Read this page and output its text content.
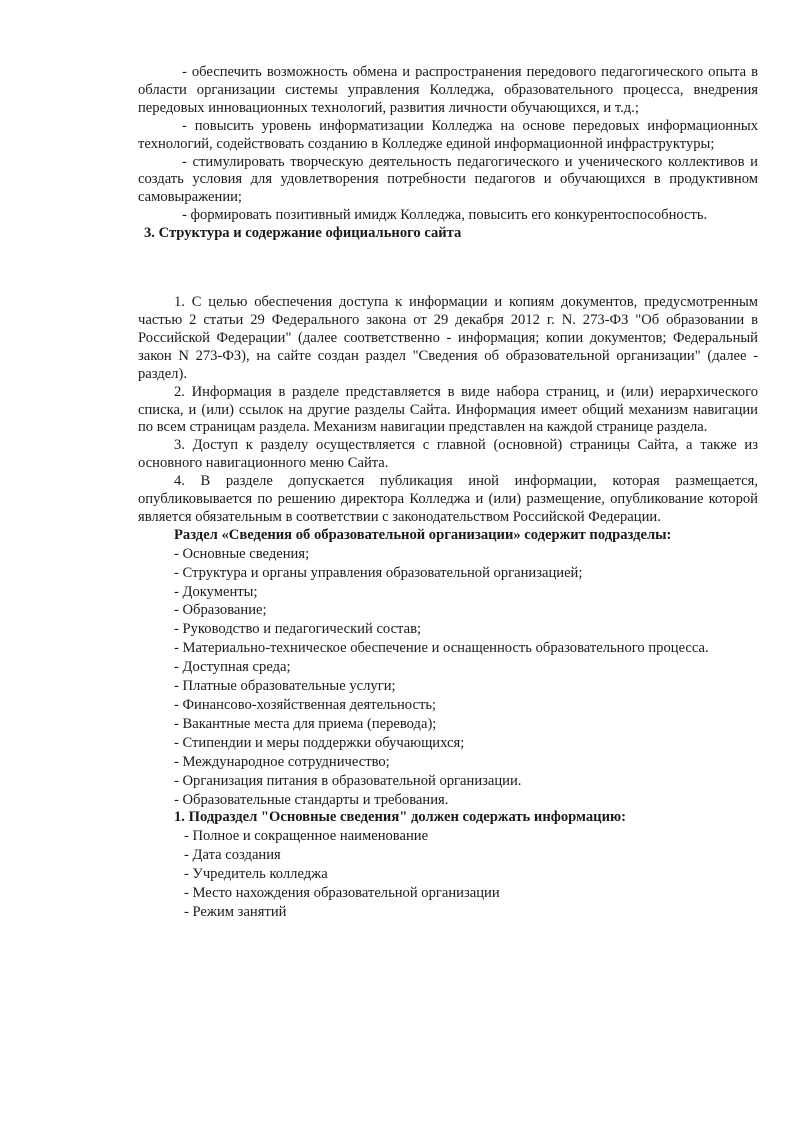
- обеспечить возможность обмена и распространения передового педагогического опыта в области организации системы управления Колледжа, образовательного процесса, внедрения передовых инновационных технологий, развития личности обучающихся, и т.д.;

- повысить уровень информатизации Колледжа на основе передовых информационных технологий, содействовать созданию в Колледже единой информационной инфраструктуры;

- стимулировать творческую деятельность педагогического и ученического коллективов и создать условия для удовлетворения потребности педагогов и обучающихся в продуктивном самовыражении;

- формировать позитивный имидж Колледжа, повысить его конкурентоспособность.

3. Структура и содержание официального сайта

1. С целью обеспечения доступа к информации и копиям документов, предусмотренным частью 2 статьи 29 Федерального закона от 29 декабря 2012 г. N. 273-ФЗ "Об образовании в Российской Федерации" (далее соответственно - информация; копии документов; Федеральный закон N 273-ФЗ), на сайте создан раздел "Сведения об образовательной организации" (далее - раздел).

2. Информация в разделе представляется в виде набора страниц, и (или) иерархического списка, и (или) ссылок на другие разделы Сайта. Информация имеет общий механизм навигации по всем страницам раздела. Механизм навигации представлен на каждой странице раздела.

3. Доступ к разделу осуществляется с главной (основной) страницы Сайта, а также из основного навигационного меню Сайта.

4. В разделе допускается публикация иной информации, которая размещается, опубликовывается по решению директора Колледжа и (или) размещение, опубликование которой является обязательным в соответствии с законодательством Российской Федерации.

Раздел «Сведения об образовательной организации» содержит подразделы:

- Основные сведения;
- Структура и органы управления образовательной организацией;
- Документы;
- Образование;
- Руководство и педагогический состав;
- Материально-техническое обеспечение и оснащенность образовательного процесса.
- Доступная среда;
- Платные образовательные услуги;
- Финансово-хозяйственная деятельность;
- Вакантные места для приема (перевода);
- Стипендии и меры поддержки обучающихся;
- Международное сотрудничество;
- Организация питания в образовательной организации.
- Образовательные стандарты и требования.

1. Подраздел "Основные сведения" должен содержать информацию:

- Полное и сокращенное наименование
- Дата создания
- Учредитель колледжа
- Место нахождения образовательной организации
- Режим занятий
